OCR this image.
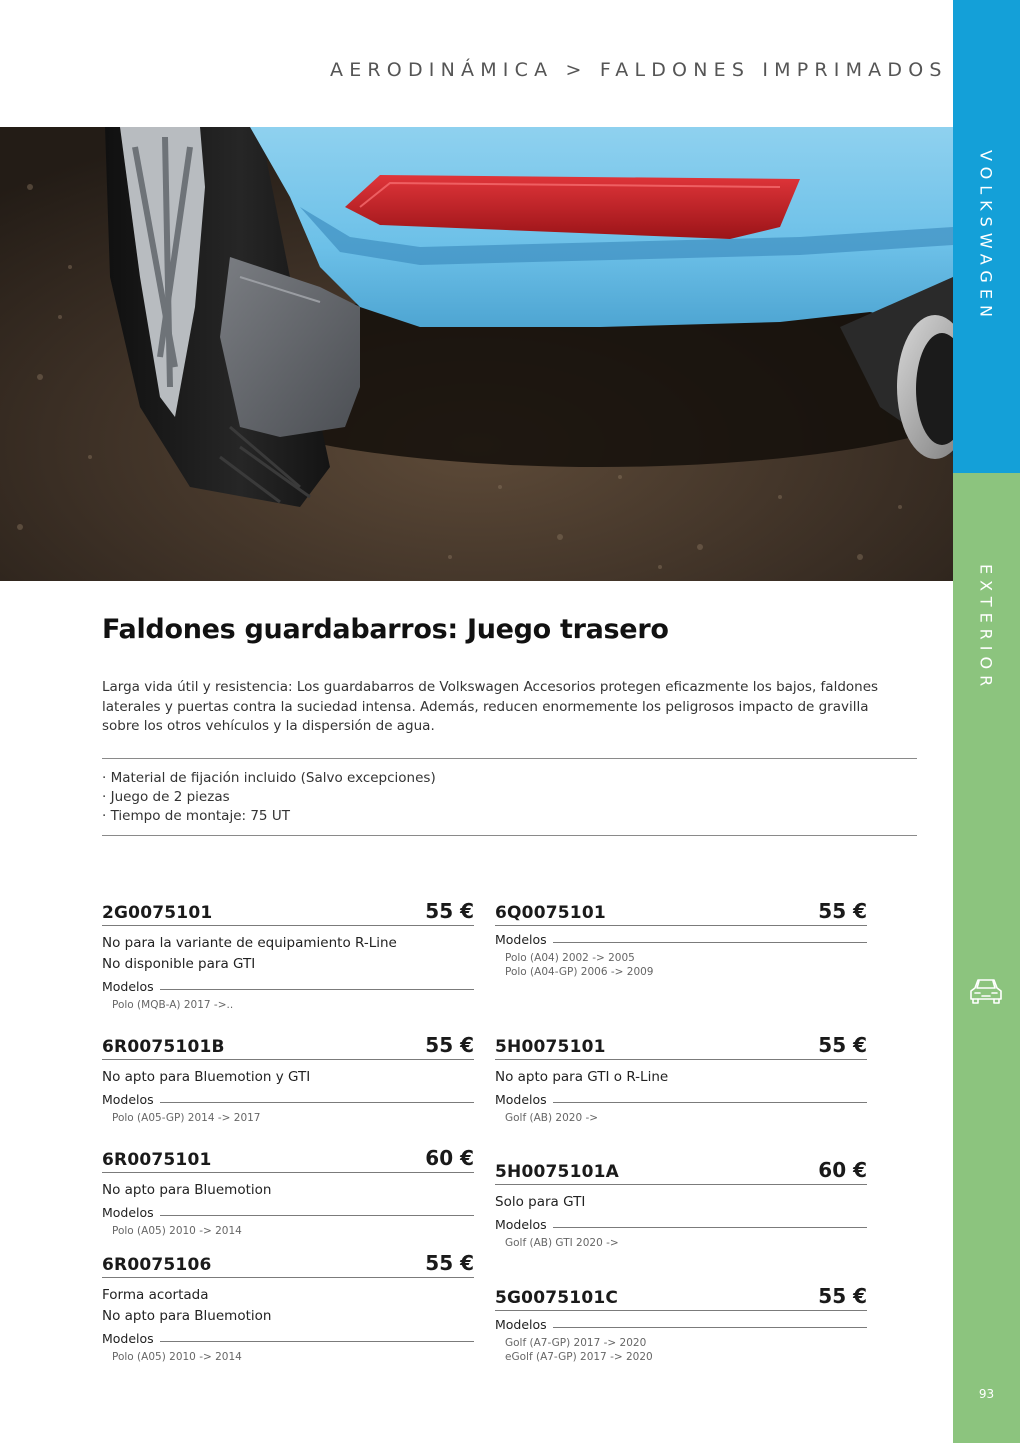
AERODINÁMICA > FALDONES IMPRIMADOS
VOLKSWAGEN
EXTERIOR
93
Faldones guardabarros: Juego trasero

Larga vida útil y resistencia: Los guardabarros de Volkswagen Accesorios protegen eficazmente los bajos, faldones laterales y puertas contra la suciedad intensa. Además, reducen enormemente los peligrosos impacto de gravilla sobre los otros vehículos y la dispersión de agua.

· Material de fijación incluido (Salvo excepciones)
· Juego de 2 piezas
· Tiempo de montaje: 75 UT
2G0075101	55 €
No para la variante de equipamiento R-Line
No disponible para GTI
Modelos
Polo (MQB-A) 2017 ->..
6Q0075101	55 €
Modelos
Polo (A04) 2002 -> 2005
Polo (A04-GP) 2006 -> 2009
6R0075101B	55 €
No apto para Bluemotion y GTI
Modelos
Polo (A05-GP) 2014 -> 2017
5H0075101	55 €
No apto para GTI o R-Line
Modelos
Golf (AB) 2020 ->
6R0075101	60 €
No apto para Bluemotion
Modelos
Polo (A05) 2010 -> 2014
5H0075101A	60 €
Solo para GTI
Modelos
Golf (AB) GTI 2020 ->
6R0075106	55 €
Forma acortada
No apto para Bluemotion
Modelos
Polo (A05) 2010 -> 2014
5G0075101C	55 €
Modelos
Golf (A7-GP) 2017 -> 2020
eGolf (A7-GP) 2017 -> 2020
